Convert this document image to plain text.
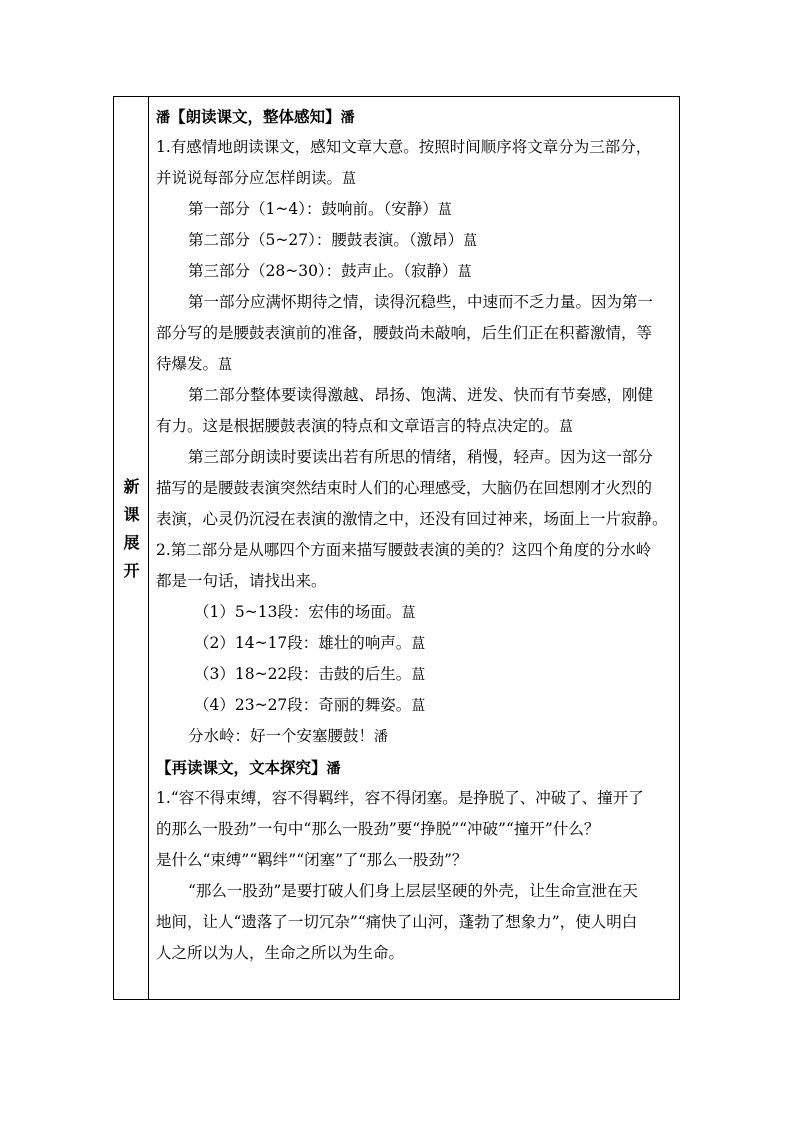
新
课
展
开
潘【朗读课文，整体感知】潘
1.有感情地朗读课文，感知文章大意。按照时间顺序将文章分为三部分，
并说说每部分应怎样朗读。蒀
第一部分（1~4）：鼓响前。（安静）蒀
第二部分（5~27）：腰鼓表演。（激昂）蒀
第三部分（28~30）：鼓声止。（寂静）蒀
第一部分应满怀期待之情，读得沉稳些，中速而不乏力量。因为第一
部分写的是腰鼓表演前的准备，腰鼓尚未敲响，后生们正在积蓄激情，等
待爆发。蒀
第二部分整体要读得激越、昂扬、饱满、迸发、快而有节奏感，刚健
有力。这是根据腰鼓表演的特点和文章语言的特点决定的。蒀
第三部分朗读时要读出若有所思的情绪，稍慢，轻声。因为这一部分
描写的是腰鼓表演突然结束时人们的心理感受，大脑仍在回想刚才火烈的
表演，心灵仍沉浸在表演的激情之中，还没有回过神来，场面上一片寂静。
2.第二部分是从哪四个方面来描写腰鼓表演的美的？这四个角度的分水岭
都是一句话，请找出来。
（1）5~13段：宏伟的场面。蒀
（2）14~17段：雄壮的响声。蒀
（3）18~22段：击鼓的后生。蒀
（4）23~27段：奇丽的舞姿。蒀
分水岭：好一个安塞腰鼓！潘
【再读课文，文本探究】潘
1.“容不得束缚，容不得羁绊，容不得闭塞。是挣脱了、冲破了、撞开了
的那么一股劲”一句中“那么一股劲”要“挣脱”“冲破”“撞开”什么？
是什么“束缚”“羁绊”“闭塞”了“那么一股劲”？
“那么一股劲”是要打破人们身上层层坚硬的外壳，让生命宣泄在天
地间，让人“遗落了一切冗杂”“痛快了山河，蓬勃了想象力”，使人明白
人之所以为人，生命之所以为生命。
